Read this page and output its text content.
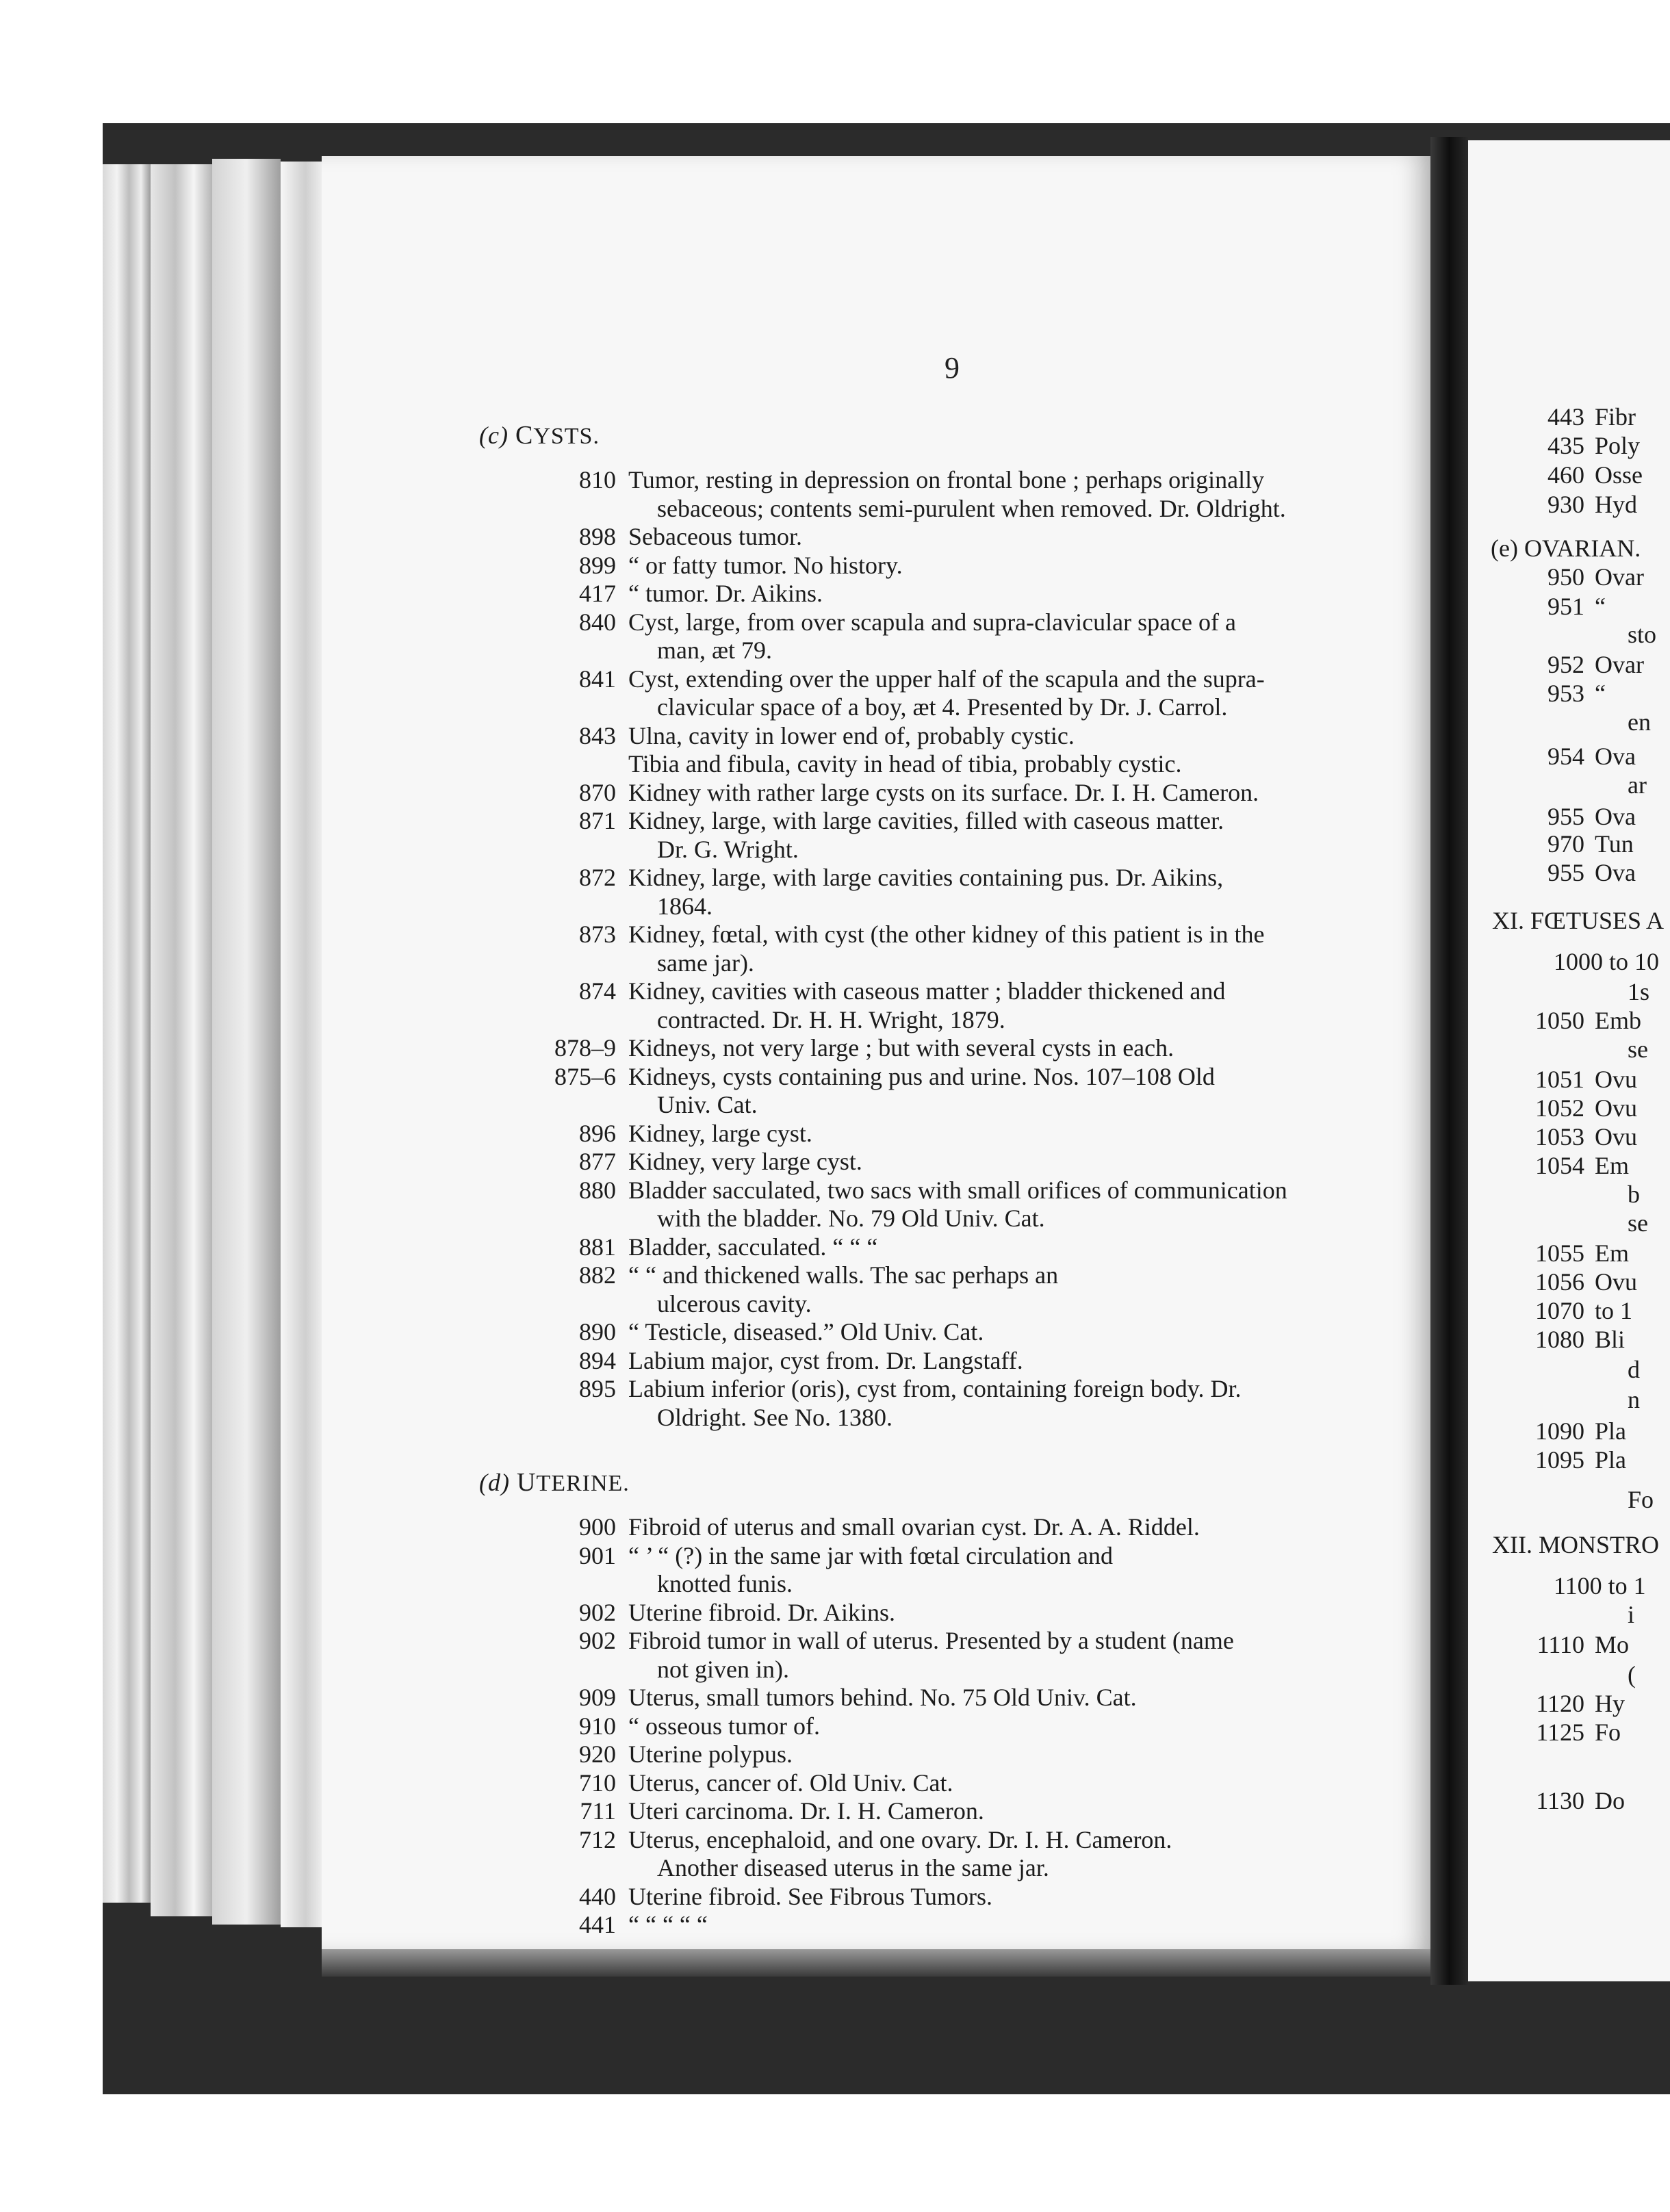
9
(c) CYSTS.
810 Tumor, resting in depression on frontal bone ; perhaps originally
sebaceous; contents semi-purulent when removed. Dr. Oldright.
898 Sebaceous tumor.
899 “ or fatty tumor. No history.
417 “ tumor. Dr. Aikins.
840 Cyst, large, from over scapula and supra-clavicular space of a
man, æt 79.
841 Cyst, extending over the upper half of the scapula and the supra-
clavicular space of a boy, æt 4. Presented by Dr. J. Carrol.
843 Ulna, cavity in lower end of, probably cystic.
Tibia and fibula, cavity in head of tibia, probably cystic.
870 Kidney with rather large cysts on its surface. Dr. I. H. Cameron.
871 Kidney, large, with large cavities, filled with caseous matter.
Dr. G. Wright.
872 Kidney, large, with large cavities containing pus. Dr. Aikins,
1864.
873 Kidney, fœtal, with cyst (the other kidney of this patient is in the
same jar).
874 Kidney, cavities with caseous matter ; bladder thickened and
contracted. Dr. H. H. Wright, 1879.
878–9 Kidneys, not very large ; but with several cysts in each.
875–6 Kidneys, cysts containing pus and urine. Nos. 107–108 Old
Univ. Cat.
896 Kidney, large cyst.
877 Kidney, very large cyst.
880 Bladder sacculated, two sacs with small orifices of communication
with the bladder. No. 79 Old Univ. Cat.
881 Bladder, sacculated. “ “ “
882 “ “ and thickened walls. The sac perhaps an
ulcerous cavity.
890 “ Testicle, diseased.” Old Univ. Cat.
894 Labium major, cyst from. Dr. Langstaff.
895 Labium inferior (oris), cyst from, containing foreign body. Dr.
Oldright. See No. 1380.
(d) UTERINE.
900 Fibroid of uterus and small ovarian cyst. Dr. A. A. Riddel.
901 “ ’ “ (?) in the same jar with fœtal circulation and
knotted funis.
902 Uterine fibroid. Dr. Aikins.
902 Fibroid tumor in wall of uterus. Presented by a student (name
not given in).
909 Uterus, small tumors behind. No. 75 Old Univ. Cat.
910 “ osseous tumor of.
920 Uterine polypus.
710 Uterus, cancer of. Old Univ. Cat.
711 Uteri carcinoma. Dr. I. H. Cameron.
712 Uterus, encephaloid, and one ovary. Dr. I. H. Cameron.
Another diseased uterus in the same jar.
440 Uterine fibroid. See Fibrous Tumors.
441 “ “ “ “ “
443 Fibr
435 Poly
460 Osse
930 Hyd
(e) OVARIAN.
950 Ovar
951 “
sto
952 Ovar
953 “
en
954 Ova
ar
955 Ova
970 Tun
955 Ova
XI. FŒTUSES A
1000 to 10
1s
1050 Emb
se
1051 Ovu
1052 Ovu
1053 Ovu
1054 Em
b
se
1055 Em
1056 Ovu
1070 to 1
1080 Bli
d
n
1090 Pla
1095 Pla
Fo
XII. MONSTRO
1100 to 1
i
1110 Mo
(
1120 Hy
1125 Fo
1130 Do
